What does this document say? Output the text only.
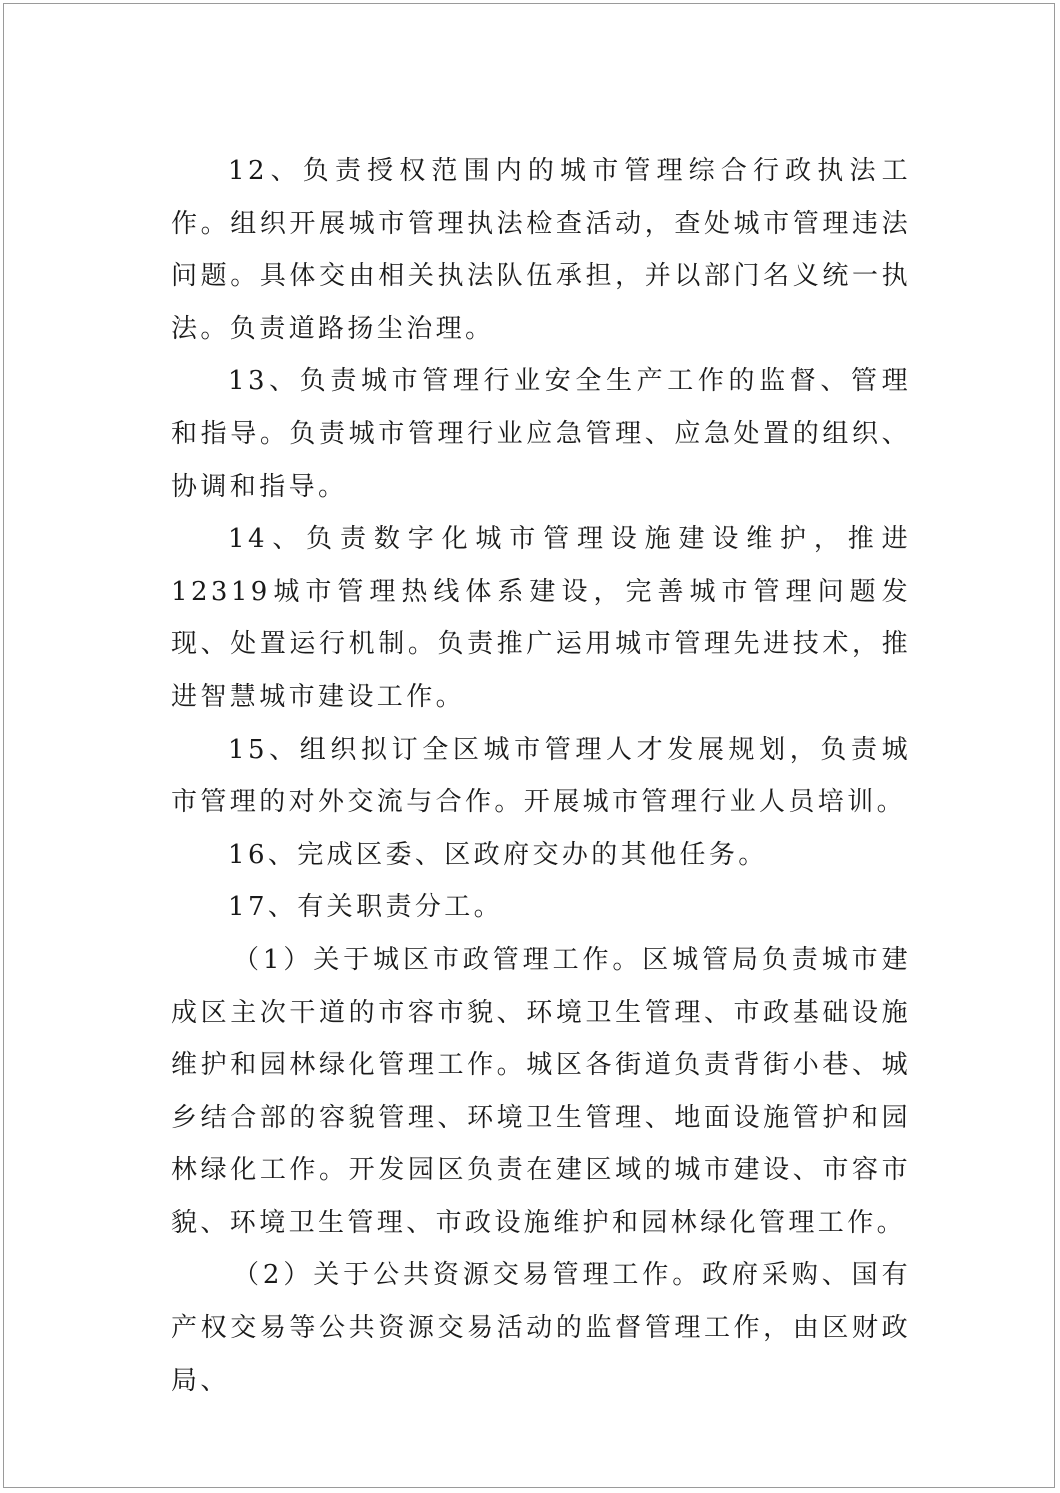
12、负责授权范围内的城市管理综合行政执法工作。组织开展城市管理执法检查活动，查处城市管理违法问题。具体交由相关执法队伍承担，并以部门名义统一执法。负责道路扬尘治理。

13、负责城市管理行业安全生产工作的监督、管理和指导。负责城市管理行业应急管理、应急处置的组织、协调和指导。

14、负责数字化城市管理设施建设维护，推进12319城市管理热线体系建设，完善城市管理问题发现、处置运行机制。负责推广运用城市管理先进技术，推进智慧城市建设工作。

15、组织拟订全区城市管理人才发展规划，负责城市管理的对外交流与合作。开展城市管理行业人员培训。

16、完成区委、区政府交办的其他任务。

17、有关职责分工。

（1）关于城区市政管理工作。区城管局负责城市建成区主次干道的市容市貌、环境卫生管理、市政基础设施维护和园林绿化管理工作。城区各街道负责背街小巷、城乡结合部的容貌管理、环境卫生管理、地面设施管护和园林绿化工作。开发园区负责在建区域的城市建设、市容市貌、环境卫生管理、市政设施维护和园林绿化管理工作。

（2）关于公共资源交易管理工作。政府采购、国有产权交易等公共资源交易活动的监督管理工作，由区财政局、
